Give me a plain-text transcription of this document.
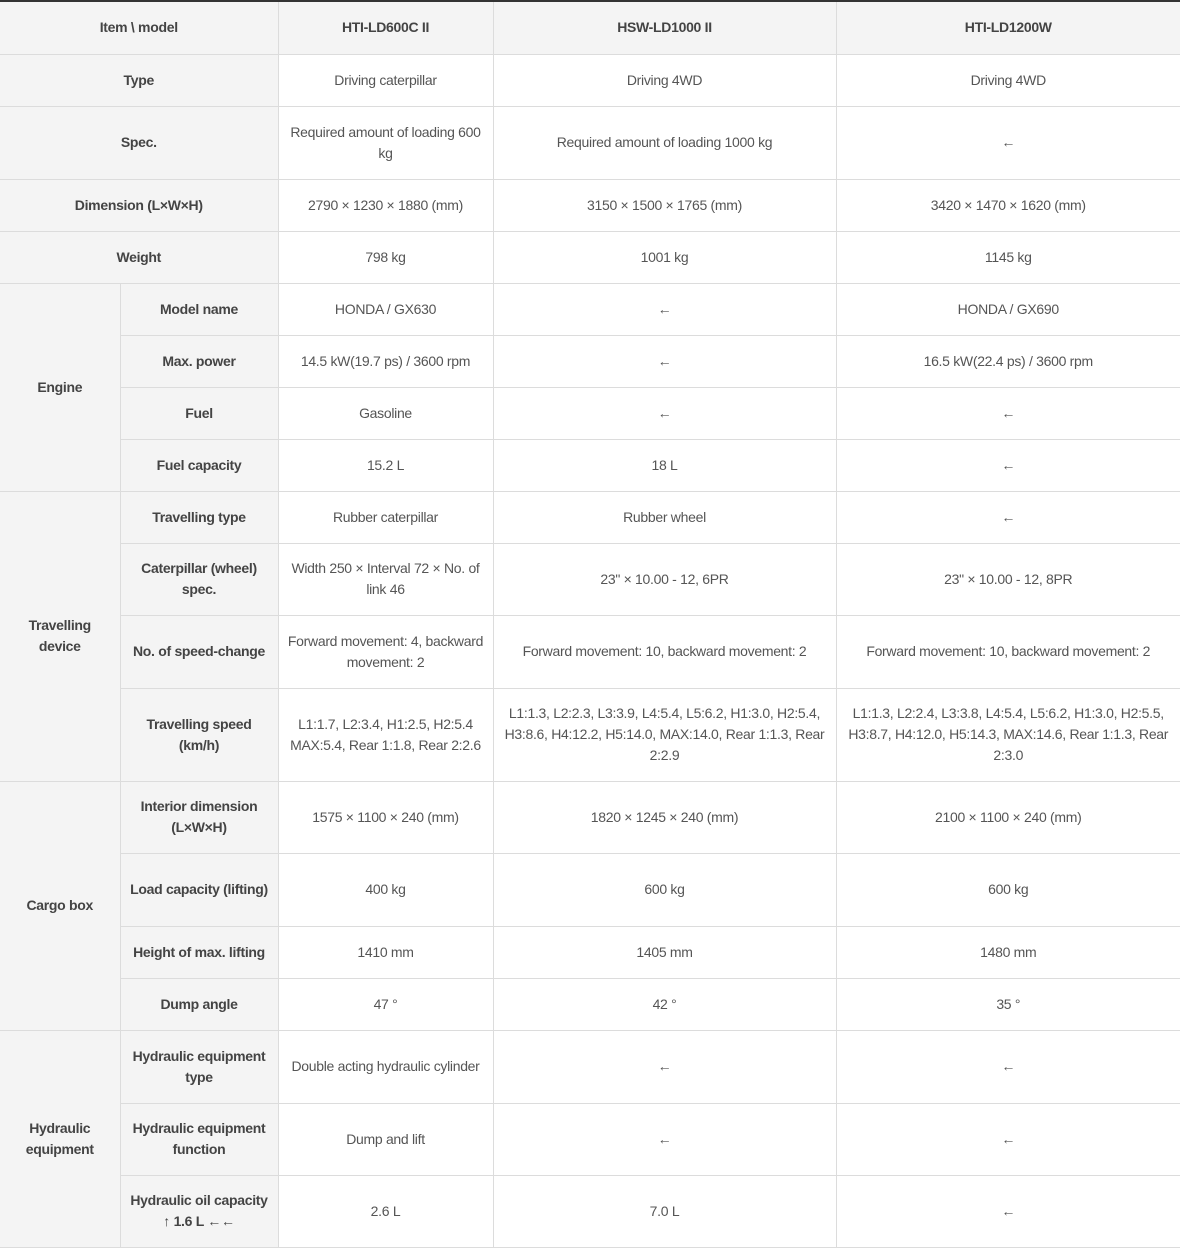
Item \ model		HTI-LD600C II	HSW-LD1000 II	HTI-LD1200W
Type		Driving caterpillar	Driving 4WD	Driving 4WD
Spec.		Required amount of loading 600 kg	Required amount of loading 1000 kg	←
Dimension (L×W×H)		2790 × 1230 × 1880 (mm)	3150 × 1500 × 1765 (mm)	3420 × 1470 × 1620 (mm)
Weight		798 kg	1001 kg	1145 kg
Engine	Model name	HONDA / GX630	←	HONDA / GX690
	Max. power	14.5 kW(19.7 ps) / 3600 rpm	←	16.5 kW(22.4 ps) / 3600 rpm
	Fuel	Gasoline	←	←
	Fuel capacity	15.2 L	18 L	←
Travelling device	Travelling type	Rubber caterpillar	Rubber wheel	←
	Caterpillar (wheel) spec.	Width 250 × Interval 72 × No. of link 46	23" × 10.00 - 12, 6PR	23" × 10.00 - 12, 8PR
	No. of speed-change	Forward movement: 4, backward movement: 2	Forward movement: 10, backward movement: 2	Forward movement: 10, backward movement: 2
	Travelling speed (km/h)	L1:1.7, L2:3.4, H1:2.5, H2:5.4 MAX:5.4, Rear 1:1.8, Rear 2:2.6	L1:1.3, L2:2.3, L3:3.9, L4:5.4, L5:6.2, H1:3.0, H2:5.4, H3:8.6, H4:12.2, H5:14.0, MAX:14.0, Rear 1:1.3, Rear 2:2.9	L1:1.3, L2:2.4, L3:3.8, L4:5.4, L5:6.2, H1:3.0, H2:5.5, H3:8.7, H4:12.0, H5:14.3, MAX:14.6, Rear 1:1.3, Rear 2:3.0
Cargo box	Interior dimension (L×W×H)	1575 × 1100 × 240 (mm)	1820 × 1245 × 240 (mm)	2100 × 1100 × 240 (mm)
	Load capacity (lifting)	400 kg	600 kg	600 kg
	Height of max. lifting	1410 mm	1405 mm	1480 mm
	Dump angle	47 °	42 °	35 °
Hydraulic equipment	Hydraulic equipment type	Double acting hydraulic cylinder	←	←
	Hydraulic equipment function	Dump and lift	←	←
	Hydraulic oil capacity ↑ 1.6 L ←←	2.6 L	7.0 L	←
